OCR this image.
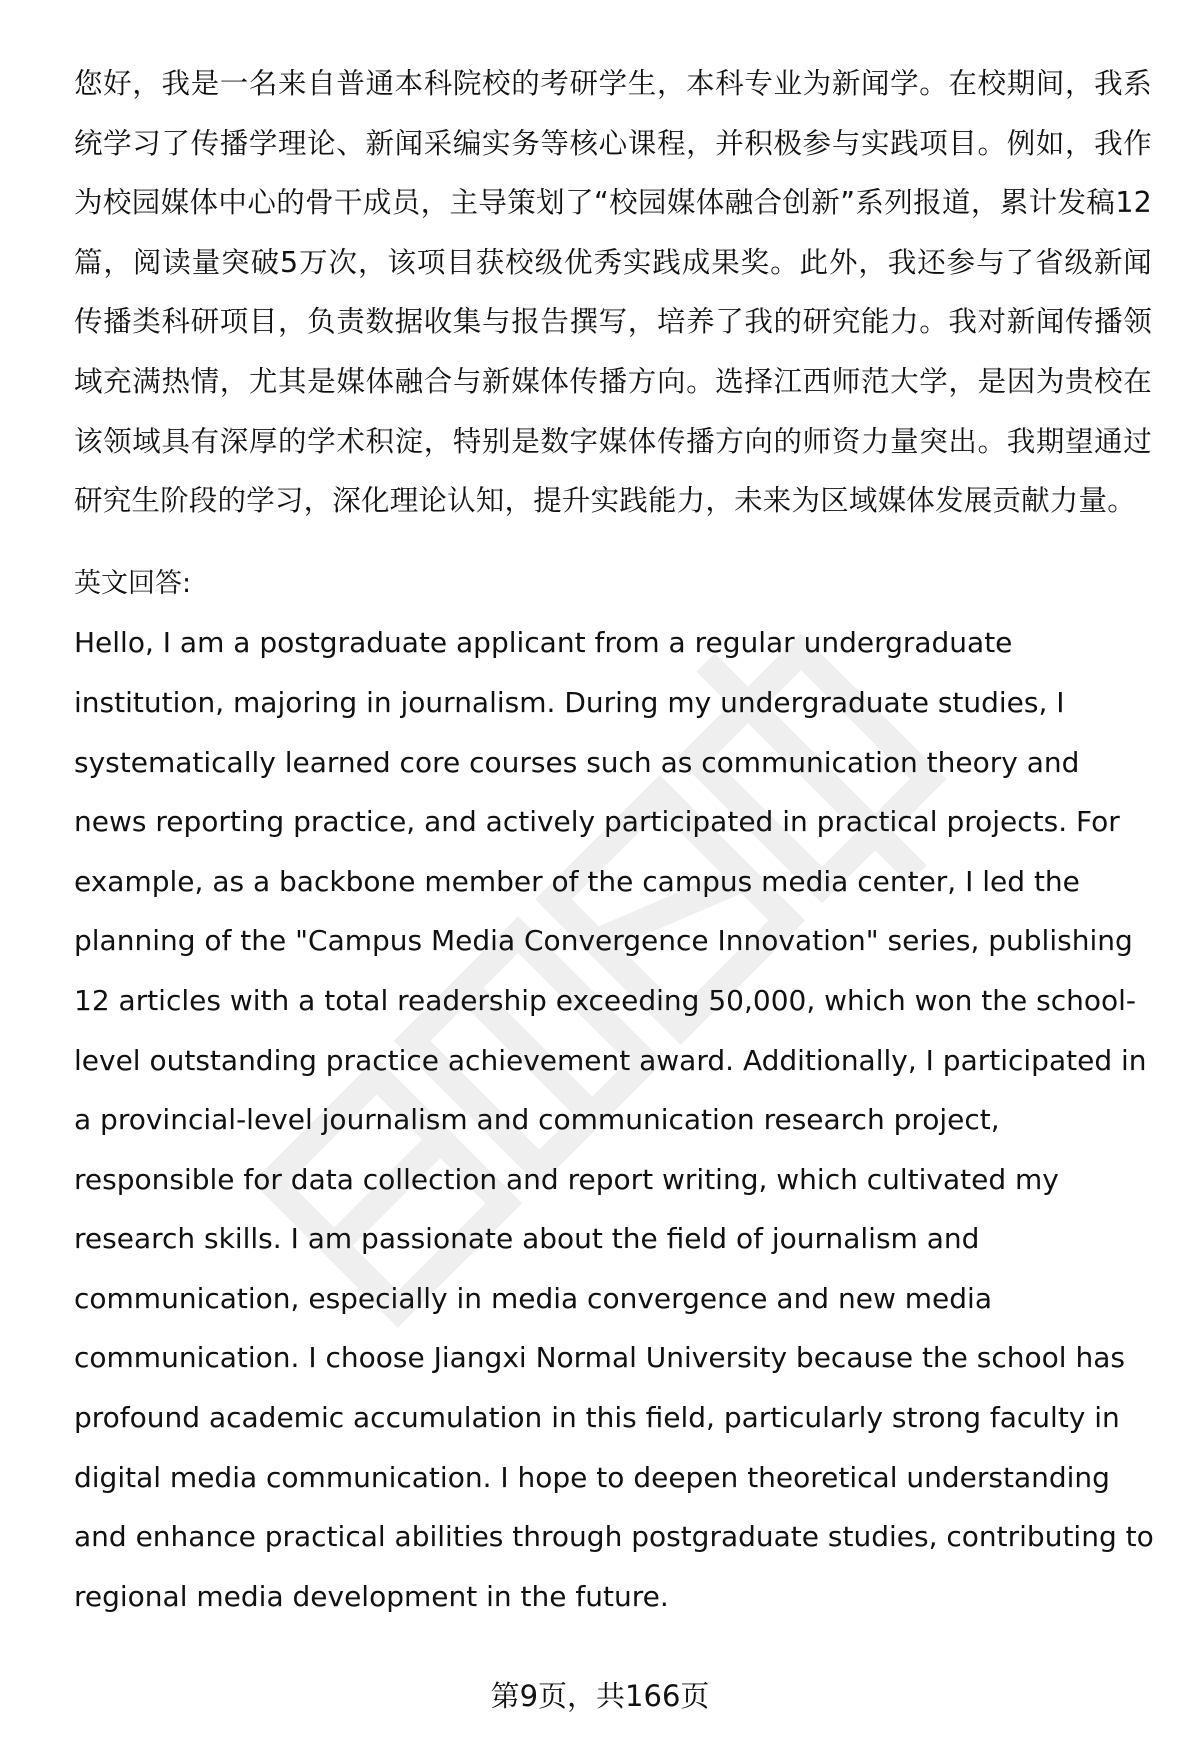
您好，我是一名来自普通本科院校的考研学生，本科专业为新闻学。在校期间，我系统学习了传播学理论、新闻采编实务等核心课程，并积极参与实践项目。例如，我作为校园媒体中心的骨干成员，主导策划了“校园媒体融合创新”系列报道，累计发稿12篇，阅读量突破5万次，该项目获校级优秀实践成果奖。此外，我还参与了省级新闻传播类科研项目，负责数据收集与报告撰写，培养了我的研究能力。我对新闻传播领域充满热情，尤其是媒体融合与新媒体传播方向。选择江西师范大学，是因为贵校在该领域具有深厚的学术积淀，特别是数字媒体传播方向的师资力量突出。我期望通过研究生阶段的学习，深化理论认知，提升实践能力，未来为区域媒体发展贡献力量。

英文回答:

Hello, I am a postgraduate applicant from a regular undergraduate institution, majoring in journalism. During my undergraduate studies, I systematically learned core courses such as communication theory and news reporting practice, and actively participated in practical projects. For example, as a backbone member of the campus media center, I led the planning of the "Campus Media Convergence Innovation" series, publishing 12 articles with a total readership exceeding 50,000, which won the school-level outstanding practice achievement award. Additionally, I participated in a provincial-level journalism and communication research project, responsible for data collection and report writing, which cultivated my research skills. I am passionate about the field of journalism and communication, especially in media convergence and new media communication. I choose Jiangxi Normal University because the school has profound academic accumulation in this field, particularly strong faculty in digital media communication. I hope to deepen theoretical understanding and enhance practical abilities through postgraduate studies, contributing to regional media development in the future.

第9页，共166页
